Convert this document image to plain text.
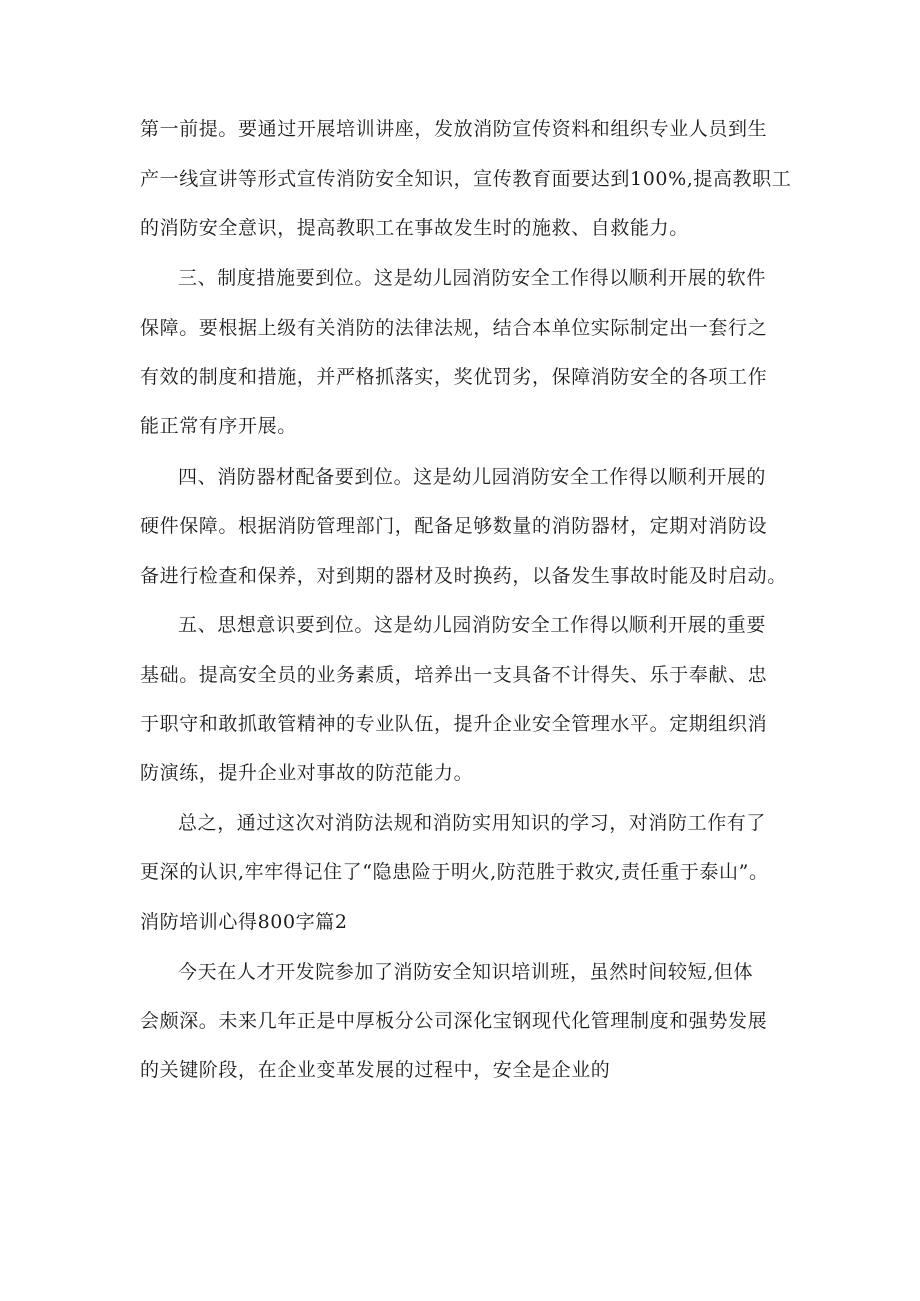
第一前提。要通过开展培训讲座，发放消防宣传资料和组织专业人员到生
产一线宣讲等形式宣传消防安全知识，宣传教育面要达到100%,提高教职工
的消防安全意识，提高教职工在事故发生时的施救、自救能力。
三、制度措施要到位。这是幼儿园消防安全工作得以顺利开展的软件
保障。要根据上级有关消防的法律法规，结合本单位实际制定出一套行之
有效的制度和措施，并严格抓落实，奖优罚劣，保障消防安全的各项工作
能正常有序开展。
四、消防器材配备要到位。这是幼儿园消防安全工作得以顺利开展的
硬件保障。根据消防管理部门，配备足够数量的消防器材，定期对消防设
备进行检查和保养，对到期的器材及时换药，以备发生事故时能及时启动。
五、思想意识要到位。这是幼儿园消防安全工作得以顺利开展的重要
基础。提高安全员的业务素质，培养出一支具备不计得失、乐于奉献、忠
于职守和敢抓敢管精神的专业队伍，提升企业安全管理水平。定期组织消
防演练，提升企业对事故的防范能力。
总之，通过这次对消防法规和消防实用知识的学习，对消防工作有了
更深的认识,牢牢得记住了“隐患险于明火,防范胜于救灾,责任重于泰山”。
消防培训心得800字篇2
今天在人才开发院参加了消防安全知识培训班，虽然时间较短,但体
会颇深。未来几年正是中厚板分公司深化宝钢现代化管理制度和强势发展
的关键阶段，在企业变革发展的过程中，安全是企业的
